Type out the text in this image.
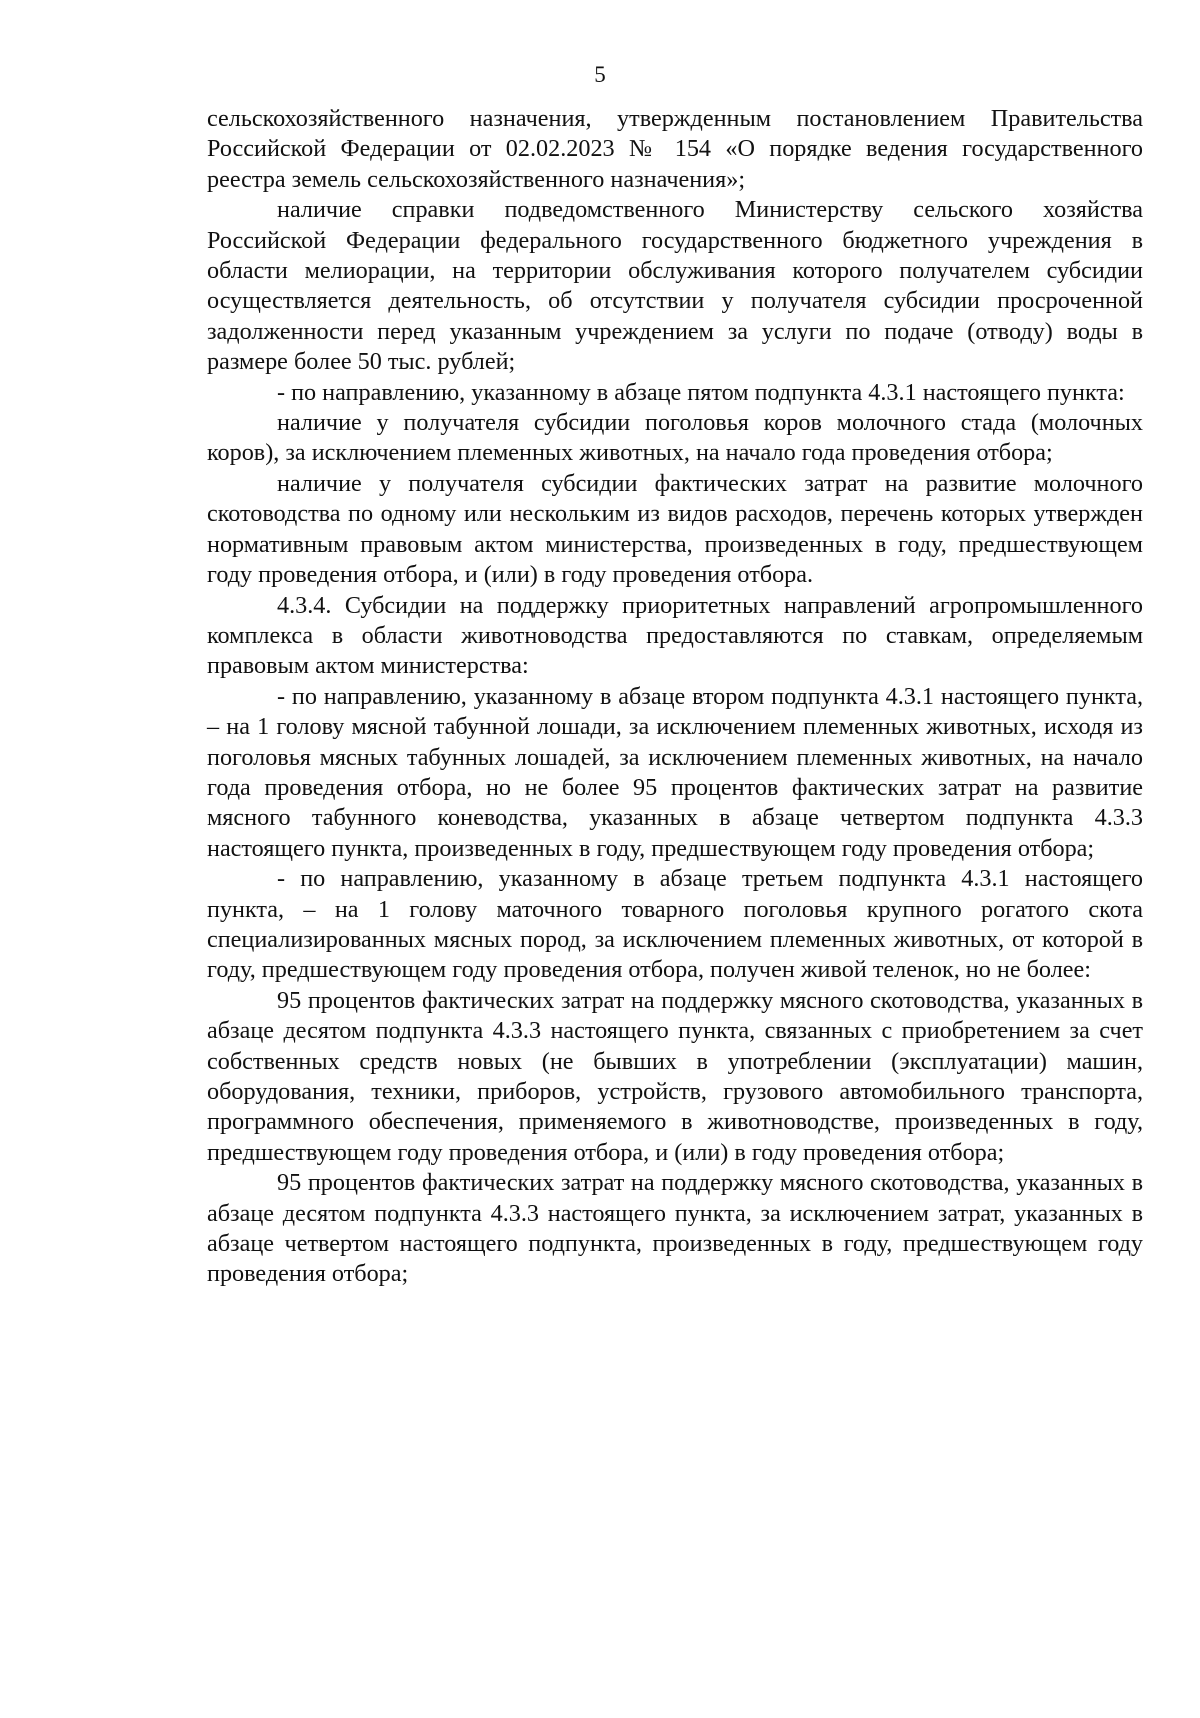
5

сельскохозяйственного назначения, утвержденным постановлением Правительства Российской Федерации от 02.02.2023 № 154 «О порядке ведения государственного реестра земель сельскохозяйственного назначения»;

наличие справки подведомственного Министерству сельского хозяйства Российской Федерации федерального государственного бюджетного учреждения в области мелиорации, на территории обслуживания которого получателем субсидии осуществляется деятельность, об отсутствии у получателя субсидии просроченной задолженности перед указанным учреждением за услуги по подаче (отводу) воды в размере более 50 тыс. рублей;

- по направлению, указанному в абзаце пятом подпункта 4.3.1 настоящего пункта:

наличие у получателя субсидии поголовья коров молочного стада (молочных коров), за исключением племенных животных, на начало года проведения отбора;

наличие у получателя субсидии фактических затрат на развитие молочного скотоводства по одному или нескольким из видов расходов, перечень которых утвержден нормативным правовым актом министерства, произведенных в году, предшествующем году проведения отбора, и (или) в году проведения отбора.

4.3.4. Субсидии на поддержку приоритетных направлений агропромышленного комплекса в области животноводства предоставляются по ставкам, определяемым правовым актом министерства:

- по направлению, указанному в абзаце втором подпункта 4.3.1 настоящего пункта, – на 1 голову мясной табунной лошади, за исключением племенных животных, исходя из поголовья мясных табунных лошадей, за исключением племенных животных, на начало года проведения отбора, но не более 95 процентов фактических затрат на развитие мясного табунного коневодства, указанных в абзаце четвертом подпункта 4.3.3 настоящего пункта, произведенных в году, предшествующем году проведения отбора;

- по направлению, указанному в абзаце третьем подпункта 4.3.1 настоящего пункта, – на 1 голову маточного товарного поголовья крупного рогатого скота специализированных мясных пород, за исключением племенных животных, от которой в году, предшествующем году проведения отбора, получен живой теленок, но не более:

95 процентов фактических затрат на поддержку мясного скотоводства, указанных в абзаце десятом подпункта 4.3.3 настоящего пункта, связанных с приобретением за счет собственных средств новых (не бывших в употреблении (эксплуатации) машин, оборудования, техники, приборов, устройств, грузового автомобильного транспорта, программного обеспечения, применяемого в животноводстве, произведенных в году, предшествующем году проведения отбора, и (или) в году проведения отбора;

95 процентов фактических затрат на поддержку мясного скотоводства, указанных в абзаце десятом подпункта 4.3.3 настоящего пункта, за исключением затрат, указанных в абзаце четвертом настоящего подпункта, произведенных в году, предшествующем году проведения отбора;
